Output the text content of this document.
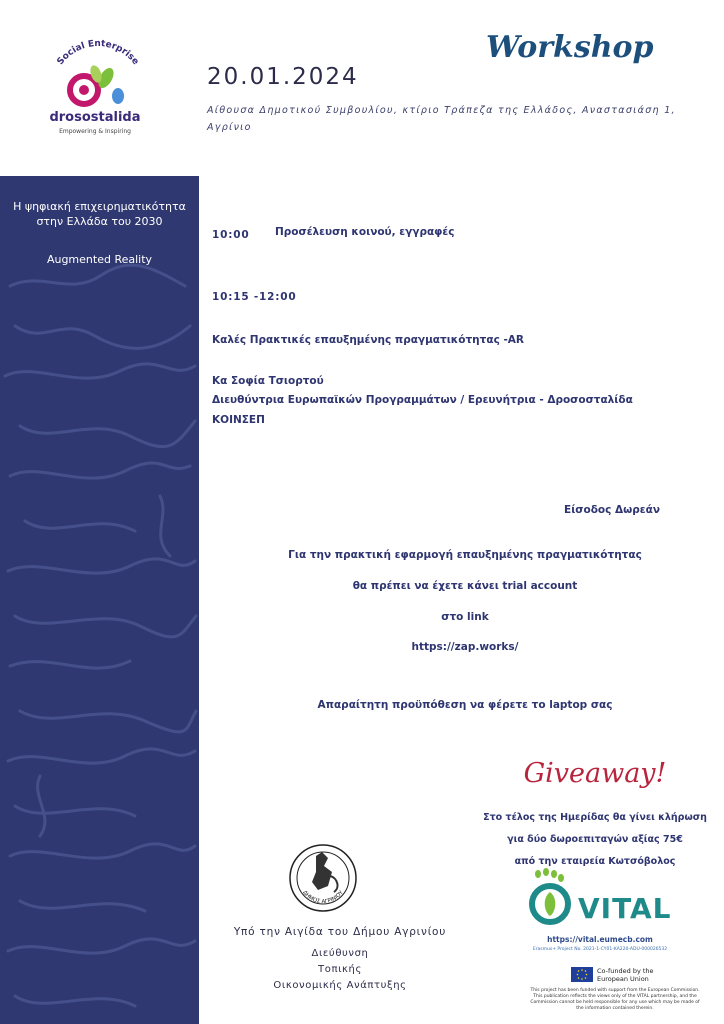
Social Enterprise
drosostalida
Empowering & Inspiring
20.01.2024
Workshop
Αίθουσα Δημοτικού Συμβουλίου, κτίριο Τράπεζα της Ελλάδος, Αναστασιάση 1, Αγρίνιο
Η ψηφιακή επιχειρηματικότητα
στην Ελλάδα του 2030
Augmented Reality
10:00 Προσέλευση κοινού, εγγραφές
10:15 -12:00
Καλές Πρακτικές επαυξημένης πραγματικότητας -AR
Κα Σοφία Τσιορτού
Διευθύντρια Ευρωπαϊκών Προγραμμάτων / Ερευνήτρια - Δροσοσταλίδα
ΚΟΙΝΣΕΠ
Είσοδος Δωρεάν
Για την πρακτική εφαρμογή επαυξημένης πραγματικότητας
θα πρέπει να έχετε κάνει trial account
στο link
https://zap.works/
Απαραίτητη προϋπόθεση να φέρετε το laptop σας
Giveaway!
Στο τέλος της Ημερίδας θα γίνει κλήρωση
για δύο δωροεπιταγών αξίας 75€
από την εταιρεία Κωτσόβολος
ΔΗΜΟΣ ΑΓΡΙΝΙΟΥ
Υπό την Αιγίδα του Δήμου Αγρινίου
Διεύθυνση
Τοπικής
Οικονομικής Ανάπτυξης
VITAL
https://vital.eumecb.com
Erasmus+ Project No. 2021-1-CY01-KA220-ADU-000026532
Co-funded by the
European Union
This project has been funded with support from the European Commission. This publication reflects the views only of the VITAL partnership, and the Commission cannot be held responsible for any use which may be made of the information contained therein.
